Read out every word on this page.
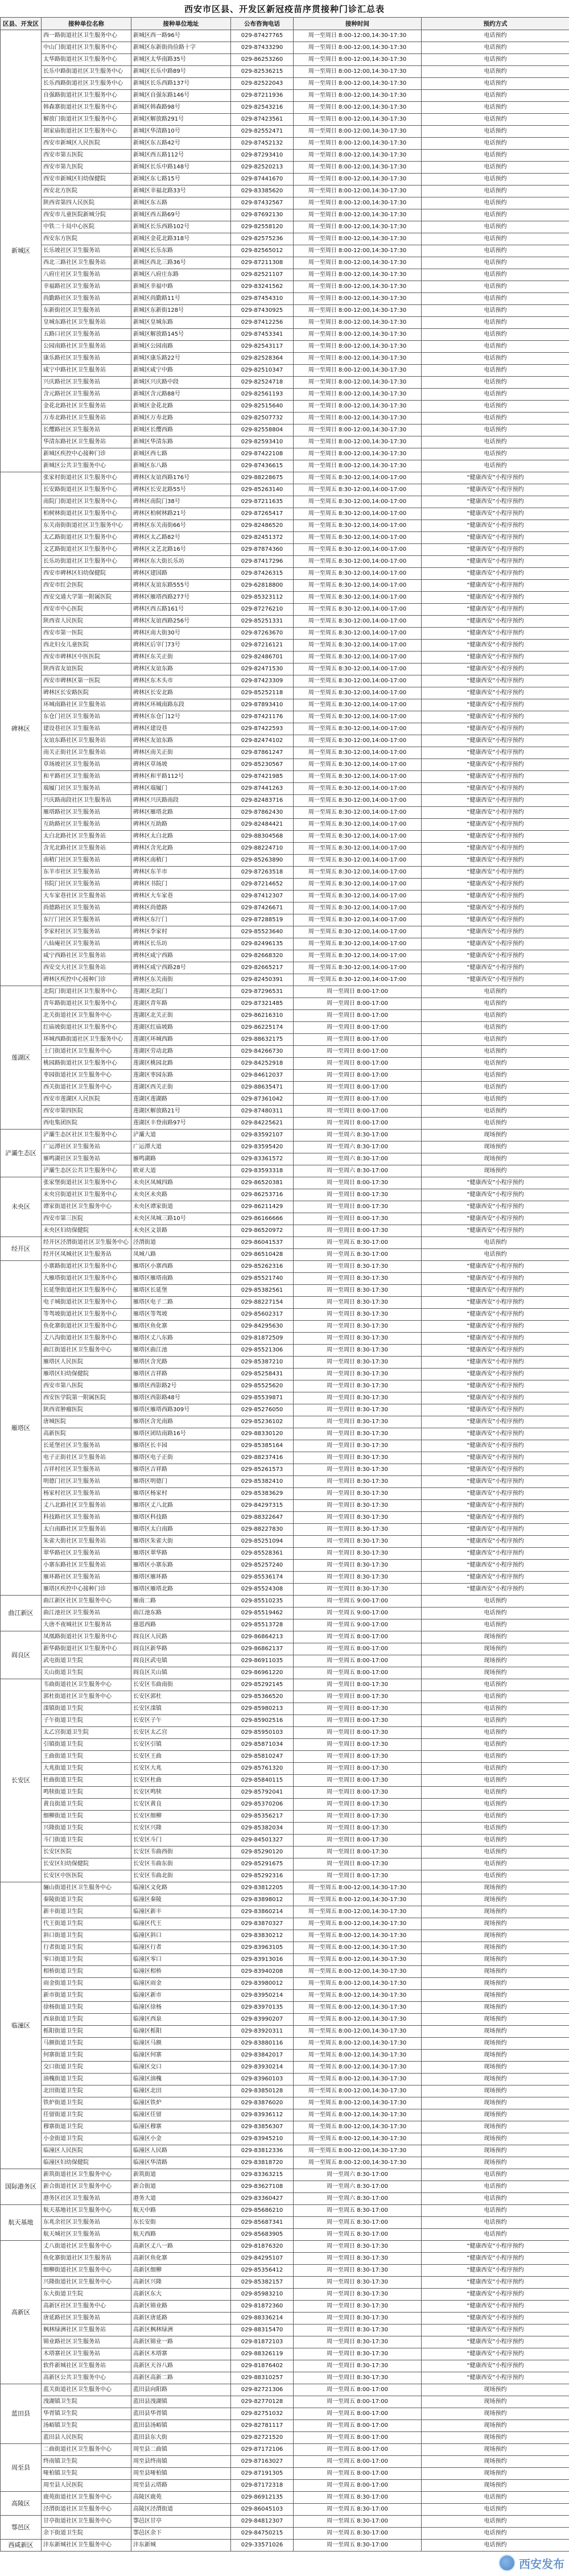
西安市区县、开发区新冠疫苗序贯接种门诊汇总表
区县、开发区	接种单位名称	接种单位地址	公布咨询电话	接种时间	预约方式
新城区	西一路街道社区卫生服务中心	新城区西一路96号	029-87427765	周一至周日 8:00-12:00,14:30-17:30	电话预约
	中山门街道社区卫生服务中心	新城区东新街尚俭路十字	029-87433290	周一至周日 8:00-12:00,14:30-17:30	电话预约
	太华路街道社区卫生服务中心	新城区太华南路35号	029-86253260	周一至周日 8:00-12:00,14:30-17:30	电话预约
	长乐中路街道社区卫生服务中心	新城区长乐中路89号	029-82536215	周一至周日 8:00-12:00,14:30-17:30	电话预约
	长乐西路街道社区卫生服务中心	新城区长乐西路137号	029-82522043	周一至周日 8:00-12:00,14:30-17:30	电话预约
	自强路街道社区卫生服务中心	新城区自强东路146号	029-87211936	周一至周日 8:00-12:00,14:30-17:30	电话预约
	韩森寨街道社区卫生服务中心	新城区韩森路98号	029-82543216	周一至周日 8:00-12:00,14:30-17:30	电话预约
	解放门街道社区卫生服务中心	新城区解放路291号	029-87423561	周一至周日 8:00-12:00,14:30-17:30	电话预约
	胡家庙街道社区卫生服务中心	新城区华清路10号	029-82552471	周一至周日 8:00-12:00,14:30-17:30	电话预约
	西安市新城区人民医院	新城区东五路42号	029-87452132	周一至周日 8:00-12:00,14:30-17:30	电话预约
	西安市第五医院	新城区西五路112号	029-87293410	周一至周日 8:00-12:00,14:30-17:30	电话预约
	西安市第九医院	新城区长乐中路148号	029-82520213	周一至周日 8:00-12:00,14:30-17:30	电话预约
	西安市新城区妇幼保健院	新城区东七路15号	029-87441670	周一至周日 8:00-12:00,14:30-17:30	电话预约
	西安北方医院	新城区幸福北路33号	029-83385620	周一至周日 8:00-12:00,14:30-17:30	电话预约
	陕西省第四人民医院	新城区东五路	029-87432567	周一至周日 8:00-12:00,14:30-17:30	电话预约
	西安市儿童医院新城分院	新城区西五路69号	029-87692130	周一至周日 8:00-12:00,14:30-17:30	电话预约
	中铁二十局中心医院	新城区长乐西路102号	029-82558120	周一至周日 8:00-12:00,14:30-17:30	电话预约
	西安东方医院	新城区金花北路318号	029-82575236	周一至周日 8:00-12:00,14:30-17:30	电话预约
	长乐坡社区卫生服务站	新城区长乐东路	029-82565012	周一至周日 8:00-12:00,14:30-17:30	电话预约
	西北三路社区卫生服务站	新城区西北三路36号	029-87211308	周一至周日 8:00-12:00,14:30-17:30	电话预约
	八府庄社区卫生服务站	新城区八府庄东路	029-82521107	周一至周日 8:00-12:00,14:30-17:30	电话预约
	幸福路社区卫生服务站	新城区幸福中路	029-83241562	周一至周日 8:00-12:00,14:30-17:30	电话预约
	尚勤路社区卫生服务站	新城区尚勤路11号	029-87454310	周一至周日 8:00-12:00,14:30-17:30	电话预约
	东新街社区卫生服务站	新城区东新街128号	029-87430925	周一至周日 8:00-12:00,14:30-17:30	电话预约
	皇城东路社区卫生服务站	新城区皇城东路	029-87412256	周一至周日 8:00-12:00,14:30-17:30	电话预约
	五路口社区卫生服务站	新城区解放路145号	029-87453341	周一至周日 8:00-12:00,14:30-17:30	电话预约
	公园南路社区卫生服务站	新城区公园南路	029-82543117	周一至周日 8:00-12:00,14:30-17:30	电话预约
	康乐路社区卫生服务站	新城区康乐路22号	029-82528364	周一至周日 8:00-12:00,14:30-17:30	电话预约
	咸宁中路社区卫生服务站	新城区咸宁中路	029-82510347	周一至周日 8:00-12:00,14:30-17:30	电话预约
	兴庆路社区卫生服务站	新城区兴庆路中段	029-82524718	周一至周日 8:00-12:00,14:30-17:30	电话预约
	含元路社区卫生服务站	新城区含元路88号	029-82561193	周一至周日 8:00-12:00,14:30-17:30	电话预约
	金花北路社区卫生服务站	新城区金花北路	029-82515640	周一至周日 8:00-12:00,14:30-17:30	电话预约
	万寿北路社区卫生服务站	新城区万寿北路	029-82507732	周一至周日 8:00-12:00,14:30-17:30	电话预约
	长缨路社区卫生服务站	新城区长缨西路	029-82558804	周一至周日 8:00-12:00,14:30-17:30	电话预约
	华清东路社区卫生服务站	新城区华清东路	029-82593410	周一至周日 8:00-12:00,14:30-17:30	电话预约
	新城区疾控中心接种门诊	新城区西七路	029-87422108	周一至周日 8:00-12:00,14:30-17:30	电话预约
	新城区公共卫生服务中心	新城区东八路	029-87436615	周一至周日 8:00-12:00,14:30-17:30	电话预约
碑林区	张家村街道社区卫生服务中心	碑林区友谊西路176号	029-88228675	周一至周五 8:30-12:00,14:00-17:00	“健康西安”小程序预约
	长安路街道社区卫生服务中心	碑林区长安北路55号	029-85263140	周一至周五 8:30-12:00,14:00-17:00	“健康西安”小程序预约
	南院门街道社区卫生服务中心	碑林区南院门38号	029-87211635	周一至周五 8:30-12:00,14:00-17:00	“健康西安”小程序预约
	柏树林街道社区卫生服务中心	碑林区柏树林路21号	029-87265417	周一至周五 8:30-12:00,14:00-17:00	“健康西安”小程序预约
	东关南街街道社区卫生服务中心	碑林区东关南街66号	029-82486520	周一至周五 8:30-12:00,14:00-17:00	“健康西安”小程序预约
	太乙路街道社区卫生服务中心	碑林区太乙路82号	029-82451372	周一至周五 8:30-12:00,14:00-17:00	“健康西安”小程序预约
	文艺路街道社区卫生服务中心	碑林区文艺北路16号	029-87874360	周一至周五 8:30-12:00,14:00-17:00	“健康西安”小程序预约
	长乐坊街道社区卫生服务中心	碑林区东大街长乐坊	029-87417296	周一至周五 8:30-12:00,14:00-17:00	“健康西安”小程序预约
	西安市碑林区妇幼保健院	碑林区建国路	029-87426315	周一至周五 8:30-12:00,14:00-17:00	“健康西安”小程序预约
	西安市红会医院	碑林区友谊东路555号	029-62818800	周一至周五 8:30-12:00,14:00-17:00	“健康西安”小程序预约
	西安交通大学第一附属医院	碑林区雁塔西路277号	029-85323112	周一至周五 8:30-12:00,14:00-17:00	“健康西安”小程序预约
	西安市中心医院	碑林区西五路161号	029-87276210	周一至周五 8:30-12:00,14:00-17:00	“健康西安”小程序预约
	陕西省人民医院	碑林区友谊西路256号	029-85251331	周一至周五 8:30-12:00,14:00-17:00	“健康西安”小程序预约
	西安市第一医院	碑林区南大街30号	029-87263670	周一至周五 8:30-12:00,14:00-17:00	“健康西安”小程序预约
	西北妇女儿童医院	碑林区后宰门73号	029-87216121	周一至周五 8:30-12:00,14:00-17:00	“健康西安”小程序预约
	西安市碑林区中医医院	碑林区东关正街	029-82486701	周一至周五 8:30-12:00,14:00-17:00	“健康西安”小程序预约
	陕西省友谊医院	碑林区友谊东路	029-82471530	周一至周五 8:30-12:00,14:00-17:00	“健康西安”小程序预约
	西安市碑林区第一医院	碑林区东木头市	029-87423309	周一至周五 8:30-12:00,14:00-17:00	“健康西安”小程序预约
	碑林区长安路医院	碑林区长安北路	029-85252118	周一至周五 8:30-12:00,14:00-17:00	“健康西安”小程序预约
	环城南路社区卫生服务站	碑林区环城南路东段	029-87893410	周一至周五 8:30-12:00,14:00-17:00	“健康西安”小程序预约
	东仓门社区卫生服务站	碑林区东仓门12号	029-87421176	周一至周五 8:30-12:00,14:00-17:00	“健康西安”小程序预约
	建设巷社区卫生服务站	碑林区建设巷	029-87422593	周一至周五 8:30-12:00,14:00-17:00	“健康西安”小程序预约
	友谊东路社区卫生服务站	碑林区友谊东路	029-82474102	周一至周五 8:30-12:00,14:00-17:00	“健康西安”小程序预约
	南关正街社区卫生服务站	碑林区南关正街	029-87861247	周一至周五 8:30-12:00,14:00-17:00	“健康西安”小程序预约
	草场坡社区卫生服务站	碑林区草场坡	029-85230567	周一至周五 8:30-12:00,14:00-17:00	“健康西安”小程序预约
	和平路社区卫生服务站	碑林区和平路112号	029-87421985	周一至周五 8:30-12:00,14:00-17:00	“健康西安”小程序预约
	端履门社区卫生服务站	碑林区端履门	029-87441263	周一至周五 8:30-12:00,14:00-17:00	“健康西安”小程序预约
	兴庆路南段社区卫生服务站	碑林区兴庆路南段	029-82483716	周一至周五 8:30-12:00,14:00-17:00	“健康西安”小程序预约
	雁塔路社区卫生服务站	碑林区雁塔北路	029-87862430	周一至周五 8:30-12:00,14:00-17:00	“健康西安”小程序预约
	互助路社区卫生服务站	碑林区互助路	029-82484421	周一至周五 8:30-12:00,14:00-17:00	“健康西安”小程序预约
	太白北路社区卫生服务站	碑林区太白北路	029-88304568	周一至周五 8:30-12:00,14:00-17:00	“健康西安”小程序预约
	含光北路社区卫生服务站	碑林区含光北路	029-88224710	周一至周五 8:30-12:00,14:00-17:00	“健康西安”小程序预约
	南稍门社区卫生服务站	碑林区南稍门	029-85263890	周一至周五 8:30-12:00,14:00-17:00	“健康西安”小程序预约
	东羊市社区卫生服务站	碑林区东羊市	029-87263518	周一至周五 8:30-12:00,14:00-17:00	“健康西安”小程序预约
	书院门社区卫生服务站	碑林区书院门	029-87214652	周一至周五 8:30-12:00,14:00-17:00	“健康西安”小程序预约
	大车家巷社区卫生服务站	碑林区大车家巷	029-87412307	周一至周五 8:30-12:00,14:00-17:00	“健康西安”小程序预约
	尚德路社区卫生服务站	碑林区尚德路	029-87426671	周一至周五 8:30-12:00,14:00-17:00	“健康西安”小程序预约
	东厅门社区卫生服务站	碑林区东厅门	029-87288519	周一至周五 8:30-12:00,14:00-17:00	“健康西安”小程序预约
	李家村社区卫生服务站	碑林区李家村	029-85523640	周一至周五 8:30-12:00,14:00-17:00	“健康西安”小程序预约
	八仙庵社区卫生服务站	碑林区长乐坊	029-82496135	周一至周五 8:30-12:00,14:00-17:00	“健康西安”小程序预约
	咸宁西路社区卫生服务站	碑林区咸宁西路	029-82668320	周一至周五 8:30-12:00,14:00-17:00	“健康西安”小程序预约
	西安交大社区卫生服务站	碑林区咸宁西路28号	029-82665217	周一至周五 8:30-12:00,14:00-17:00	“健康西安”小程序预约
	碑林区疾控中心接种门诊	碑林区东关南街	029-82450391	周一至周五 8:30-12:00,14:00-17:00	“健康西安”小程序预约
莲湖区	北院门街道社区卫生服务中心	莲湖区北院门	029-87296531	周一至周日 8:00-17:00	电话预约
	青年路街道社区卫生服务中心	莲湖区青年路	029-87321485	周一至周日 8:00-17:00	电话预约
	北关街道社区卫生服务中心	莲湖区北关正街	029-86216310	周一至周日 8:00-17:00	电话预约
	红庙坡街道社区卫生服务中心	莲湖区红庙坡路	029-86225174	周一至周日 8:00-17:00	电话预约
	环城西路街道社区卫生服务中心	莲湖区环城西路	029-88632175	周一至周日 8:00-17:00	电话预约
	土门街道社区卫生服务中心	莲湖区劳动北路	029-84266730	周一至周日 8:00-17:00	电话预约
	桃园路街道社区卫生服务中心	莲湖区桃园北路	029-84252918	周一至周日 8:00-17:00	电话预约
	枣园街道社区卫生服务中心	莲湖区枣园东路	029-84612037	周一至周日 8:00-17:00	电话预约
	西关街道社区卫生服务中心	莲湖区西关正街	029-88635471	周一至周日 8:00-17:00	电话预约
	西安市莲湖区人民医院	莲湖区莲湖路	029-87361042	周一至周日 8:00-17:00	电话预约
	西安市第四医院	莲湖区解放路21号	029-87480311	周一至周日 8:00-17:00	电话预约
	西电集团医院	莲湖区丰登南路97号	029-84225621	周一至周日 8:00-17:00	电话预约
浐灞生态区	浐灞生态区社区卫生服务中心	浐灞大道	029-83592107	周一至周六 8:30-17:00	现场预约
	广运潭社区卫生服务站	广运潭大道	029-83595420	周一至周六 8:30-17:00	现场预约
	雁鸣湖社区卫生服务站	雁鸣湖路	029-83361572	周一至周六 8:30-17:00	现场预约
	浐灞生态区公共卫生服务中心	欧亚大道	029-83593318	周一至周六 8:30-17:00	现场预约
未央区	张家堡街道社区卫生服务中心	未央区凤城四路	029-86520381	周一至周日 8:00-17:30	“健康西安”小程序预约
	未央宫街道社区卫生服务中心	未央区未央路	029-86253716	周一至周日 8:00-17:30	“健康西安”小程序预约
	谭家街道社区卫生服务中心	未央区谭家街道	029-86211429	周一至周日 8:00-17:30	“健康西安”小程序预约
	西安市第三医院	未央区凤城三路10号	029-86166666	周一至周日 8:00-17:30	“健康西安”小程序预约
	未央区妇幼保健院	未央区文景路	029-86520972	周一至周日 8:00-17:30	“健康西安”小程序预约
经开区	经开区泾渭街道社区卫生服务中心	泾渭街道	029-86041537	周一至周五 8:30-17:00	电话预约
	经开区凤城社区卫生服务站	凤城八路	029-86510428	周一至周五 8:30-17:00	电话预约
雁塔区	小寨路街道社区卫生服务中心	雁塔区小寨西路	029-85262316	周一至周日 8:30-17:30	“健康西安”小程序预约
	大雁塔街道社区卫生服务中心	雁塔区雁塔南路	029-85521740	周一至周日 8:30-17:30	“健康西安”小程序预约
	长延堡街道社区卫生服务中心	雁塔区长延堡	029-85382561	周一至周日 8:30-17:30	“健康西安”小程序预约
	电子城街道社区卫生服务中心	雁塔区电子二路	029-88227154	周一至周日 8:30-17:30	“健康西安”小程序预约
	等驾坡街道社区卫生服务中心	雁塔区等驾坡	029-85602317	周一至周日 8:30-17:30	“健康西安”小程序预约
	鱼化寨街道社区卫生服务中心	雁塔区鱼化寨	029-84295630	周一至周日 8:30-17:30	“健康西安”小程序预约
	丈八沟街道社区卫生服务中心	雁塔区丈八东路	029-81872509	周一至周日 8:30-17:30	“健康西安”小程序预约
	曲江街道社区卫生服务中心	雁塔区曲江池	029-85521306	周一至周日 8:30-17:30	“健康西安”小程序预约
	雁塔区人民医院	雁塔区含光路	029-85387210	周一至周日 8:30-17:30	“健康西安”小程序预约
	雁塔区妇幼保健院	雁塔区吉祥路	029-85258431	周一至周日 8:30-17:30	“健康西安”小程序预约
	西安市第八医院	雁塔区西影路2号	029-85525620	周一至周日 8:30-17:30	“健康西安”小程序预约
	西安医学院第一附属医院	雁塔区西影路48号	029-85539871	周一至周日 8:30-17:30	“健康西安”小程序预约
	陕西省肿瘤医院	雁塔区雁塔西路309号	029-85276050	周一至周日 8:30-17:30	“健康西安”小程序预约
	唐城医院	雁塔区含光南路	029-85236102	周一至周日 8:30-17:30	“健康西安”小程序预约
	高新医院	雁塔区团结南路16号	029-88330120	周一至周日 8:30-17:30	“健康西安”小程序预约
	长延堡社区卫生服务站	雁塔区长丰园	029-85385164	周一至周日 8:30-17:30	“健康西安”小程序预约
	电子正街社区卫生服务站	雁塔区电子正街	029-88237416	周一至周日 8:30-17:30	“健康西安”小程序预约
	吉祥村社区卫生服务站	雁塔区吉祥路	029-85261573	周一至周日 8:30-17:30	“健康西安”小程序预约
	明德门社区卫生服务站	雁塔区明德门	029-85382410	周一至周日 8:30-17:30	“健康西安”小程序预约
	杨家村社区卫生服务站	雁塔区杨家村	029-85383629	周一至周日 8:30-17:30	“健康西安”小程序预约
	丈八北路社区卫生服务站	雁塔区丈八北路	029-84297315	周一至周日 8:30-17:30	“健康西安”小程序预约
	科技路社区卫生服务站	雁塔区科技路	029-88322647	周一至周日 8:30-17:30	“健康西安”小程序预约
	太白南路社区卫生服务站	雁塔区太白南路	029-88227830	周一至周日 8:30-17:30	“健康西安”小程序预约
	朱雀大街社区卫生服务站	雁塔区朱雀大街	029-85251094	周一至周日 8:30-17:30	“健康西安”小程序预约
	翠华路社区卫生服务站	雁塔区翠华路	029-85528361	周一至周日 8:30-17:30	“健康西安”小程序预约
	小寨东路社区卫生服务站	雁塔区小寨东路	029-85257240	周一至周日 8:30-17:30	“健康西安”小程序预约
	雁环路社区卫生服务站	雁塔区雁环路	029-85536174	周一至周日 8:30-17:30	“健康西安”小程序预约
	雁塔区疾控中心接种门诊	雁塔区雁塔北路	029-85524308	周一至周日 8:30-17:30	“健康西安”小程序预约
曲江新区	曲江新区社区卫生服务中心	雁南二路	029-85510235	周一至周五 9:00-17:00	电话预约
	曲江池社区卫生服务站	曲江池东路	029-85519462	周一至周五 9:00-17:00	电话预约
	大唐不夜城社区卫生服务站	慈恩西路	029-85513728	周一至周五 9:00-17:00	电话预约
阎良区	凤凰路街道社区卫生服务中心	阎良区人民路	029-86864213	周一至周五 8:00-17:00	现场预约
	新华路街道社区卫生服务中心	阎良区新华路	029-86862137	周一至周五 8:00-17:00	现场预约
	武屯街道卫生院	阎良区武屯镇	029-86911035	周一至周五 8:00-17:00	现场预约
	关山街道卫生院	阎良区关山镇	029-86961220	周一至周五 8:00-17:00	现场预约
长安区	韦曲街道社区卫生服务中心	长安区韦曲南街	029-85292145	周一至周日 8:00-17:30	电话预约
	郭杜街道社区卫生服务中心	长安区郭杜	029-85366520	周一至周日 8:00-17:30	电话预约
	滦镇街道卫生院	长安区滦镇	029-85980213	周一至周日 8:00-17:30	电话预约
	子午街道卫生院	长安区子午	029-85902516	周一至周日 8:00-17:30	电话预约
	太乙宫街道卫生院	长安区太乙宫	029-85950103	周一至周日 8:00-17:30	电话预约
	引镇街道卫生院	长安区引镇	029-85871034	周一至周日 8:00-17:30	电话预约
	王曲街道卫生院	长安区王曲	029-85810247	周一至周日 8:00-17:30	电话预约
	大兆街道卫生院	长安区大兆	029-85761320	周一至周日 8:00-17:30	电话预约
	杜曲街道卫生院	长安区杜曲	029-85840115	周一至周日 8:00-17:30	电话预约
	鸣犊街道卫生院	长安区鸣犊	029-85792041	周一至周日 8:00-17:30	电话预约
	黄良街道卫生院	长安区黄良	029-85370206	周一至周日 8:00-17:30	电话预约
	细柳街道卫生院	长安区细柳	029-85356217	周一至周日 8:00-17:30	电话预约
	兴隆街道卫生院	长安区兴隆	029-85382034	周一至周日 8:00-17:30	电话预约
	斗门街道卫生院	长安区斗门	029-84501327	周一至周日 8:00-17:30	电话预约
	长安区医院	长安区韦曲西街	029-85290120	周一至周日 8:00-17:30	电话预约
	长安区妇幼保健院	长安区韦曲东街	029-85291675	周一至周日 8:00-17:30	电话预约
	长安区中医医院	长安区韦曲北街	029-85292316	周一至周日 8:00-17:30	电话预约
临潼区	骊山街道社区卫生服务中心	临潼区文化路	029-83812205	周一至周五 8:00-12:00,14:30-17:30	现场预约
	秦陵街道卫生院	临潼区秦陵	029-83898012	周一至周五 8:00-12:00,14:30-17:30	现场预约
	新丰街道卫生院	临潼区新丰	029-83860214	周一至周五 8:00-12:00,14:30-17:30	现场预约
	代王街道卫生院	临潼区代王	029-83870327	周一至周五 8:00-12:00,14:30-17:30	现场预约
	斜口街道卫生院	临潼区斜口	029-83830212	周一至周五 8:00-12:00,14:30-17:30	现场预约
	行者街道卫生院	临潼区行者	029-83963105	周一至周五 8:00-12:00,14:30-17:30	现场预约
	零口街道卫生院	临潼区零口	029-83913016	周一至周五 8:00-12:00,14:30-17:30	现场预约
	相桥街道卫生院	临潼区相桥	029-83940208	周一至周五 8:00-12:00,14:30-17:30	现场预约
	雨金街道卫生院	临潼区雨金	029-83980012	周一至周五 8:00-12:00,14:30-17:30	现场预约
	新市街道卫生院	临潼区新市	029-83950214	周一至周五 8:00-12:00,14:30-17:30	现场预约
	徐杨街道卫生院	临潼区徐杨	029-83970135	周一至周五 8:00-12:00,14:30-17:30	现场预约
	西泉街道卫生院	临潼区西泉	029-83990207	周一至周五 8:00-12:00,14:30-17:30	现场预约
	栎阳街道卫生院	临潼区栎阳	029-83920311	周一至周五 8:00-12:00,14:30-17:30	现场预约
	马额街道卫生院	临潼区马额	029-83880116	周一至周五 8:00-12:00,14:30-17:30	现场预约
	何寨街道卫生院	临潼区何寨	029-83842017	周一至周五 8:00-12:00,14:30-17:30	现场预约
	交口街道卫生院	临潼区交口	029-83930214	周一至周五 8:00-12:00,14:30-17:30	现场预约
	油槐街道卫生院	临潼区油槐	029-83960103	周一至周五 8:00-12:00,14:30-17:30	现场预约
	北田街道卫生院	临潼区北田	029-83850128	周一至周五 8:00-12:00,14:30-17:30	现场预约
	铁炉街道卫生院	临潼区铁炉	029-83876020	周一至周五 8:00-12:00,14:30-17:30	现场预约
	任留街道卫生院	临潼区任留	029-83936112	周一至周五 8:00-12:00,14:30-17:30	现场预约
	穆寨街道卫生院	临潼区穆寨	029-83856307	周一至周五 8:00-12:00,14:30-17:30	现场预约
	小金街道卫生院	临潼区小金	029-83945210	周一至周五 8:00-12:00,14:30-17:30	现场预约
	临潼区人民医院	临潼区人民路	029-83812336	周一至周五 8:00-12:00,14:30-17:30	现场预约
	临潼区妇幼保健院	临潼区华清路	029-83818720	周一至周五 8:00-12:00,14:30-17:30	现场预约
国际港务区	新筑街道社区卫生服务中心	新筑街道	029-83363215	周一至周六 8:30-17:00	电话预约
	新合街道社区卫生服务中心	新合街道	029-83627108	周一至周六 8:30-17:00	电话预约
	港务区社区卫生服务站	港务大道	029-83360427	周一至周六 8:30-17:00	电话预约
航天基地	航天基地社区卫生服务中心	航天中路	029-85686210	周一至周五 8:30-17:00	电话预约
	东兆余社区卫生服务站	东长安街	029-85687341	周一至周五 8:30-17:00	电话预约
	航天城社区卫生服务站	航天西路	029-85683905	周一至周五 8:30-17:00	电话预约
高新区	丈八街道社区卫生服务中心	高新区丈八一路	029-81876320	周一至周日 8:30-17:30	“健康西安”小程序预约
	鱼化寨街道社区卫生服务站	高新区鱼化寨	029-84295107	周一至周日 8:30-17:30	“健康西安”小程序预约
	细柳街道社区卫生服务中心	高新区细柳	029-85356412	周一至周日 8:30-17:30	“健康西安”小程序预约
	兴隆街道社区卫生服务中心	高新区兴隆	029-85382157	周一至周日 8:30-17:30	“健康西安”小程序预约
	东大街道卫生院	高新区东大	029-85983210	周一至周日 8:30-17:30	“健康西安”小程序预约
	高新区社区卫生服务中心	高新区锦业路	029-81872360	周一至周日 8:30-17:30	“健康西安”小程序预约
	唐延路社区卫生服务站	高新区唐延路	029-88336214	周一至周日 8:30-17:30	“健康西安”小程序预约
	枫林绿洲社区卫生服务站	高新区枫林绿洲	029-88315470	周一至周日 8:30-17:30	“健康西安”小程序预约
	锦业路社区卫生服务站	高新区锦业一路	029-81872103	周一至周日 8:30-17:30	“健康西安”小程序预约
	木塔寨社区卫生服务站	高新区木塔寨	029-88326119	周一至周日 8:30-17:30	“健康西安”小程序预约
	软件新城社区卫生服务站	高新区天谷八路	029-81876402	周一至周日 8:30-17:30	“健康西安”小程序预约
	高新区公共卫生服务中心	高新区高新二路	029-88310257	周一至周日 8:30-17:30	“健康西安”小程序预约
蓝田县	蓝关街道社区卫生服务中心	蓝田县向阳路	029-82721306	周一至周五 8:00-17:00	现场预约
	洩湖镇卫生院	蓝田县洩湖镇	029-82770128	周一至周五 8:00-17:00	现场预约
	华胥镇卫生院	蓝田县华胥镇	029-82751032	周一至周五 8:00-17:00	现场预约
	汤峪镇卫生院	蓝田县汤峪镇	029-82781117	周一至周五 8:00-17:00	现场预约
	蓝田县人民医院	蓝田县东大街	029-82721520	周一至周五 8:00-17:00	现场预约
周至县	二曲街道社区卫生服务中心	周至县二曲镇	029-87172106	周一至周五 8:00-17:00	现场预约
	终南镇卫生院	周至县终南镇	029-87163027	周一至周五 8:00-17:00	现场预约
	哑柏镇卫生院	周至县哑柏镇	029-87191305	周一至周五 8:00-17:00	现场预约
	周至县人民医院	周至县云塔路	029-87172318	周一至周五 8:00-17:00	现场预约
高陵区	鹿苑街道社区卫生服务中心	高陵区鹿苑	029-86912135	周一至周五 8:30-17:00	电话预约
	泾渭街道社区卫生服务中心	高陵区泾渭街道	029-86045103	周一至周五 8:30-17:00	电话预约
鄠邑区	甘亭街道社区卫生服务中心	鄠邑区甘亭	029-84812307	周一至周五 8:30-17:00	电话预约
	余下街道卫生院	鄠邑区余下	029-84750215	周一至周五 8:30-17:00	电话预约
西咸新区	沣东新城社区卫生服务中心	沣东新城	029-33571026	周一至周五 8:30-17:00	电话预约
西安发布
